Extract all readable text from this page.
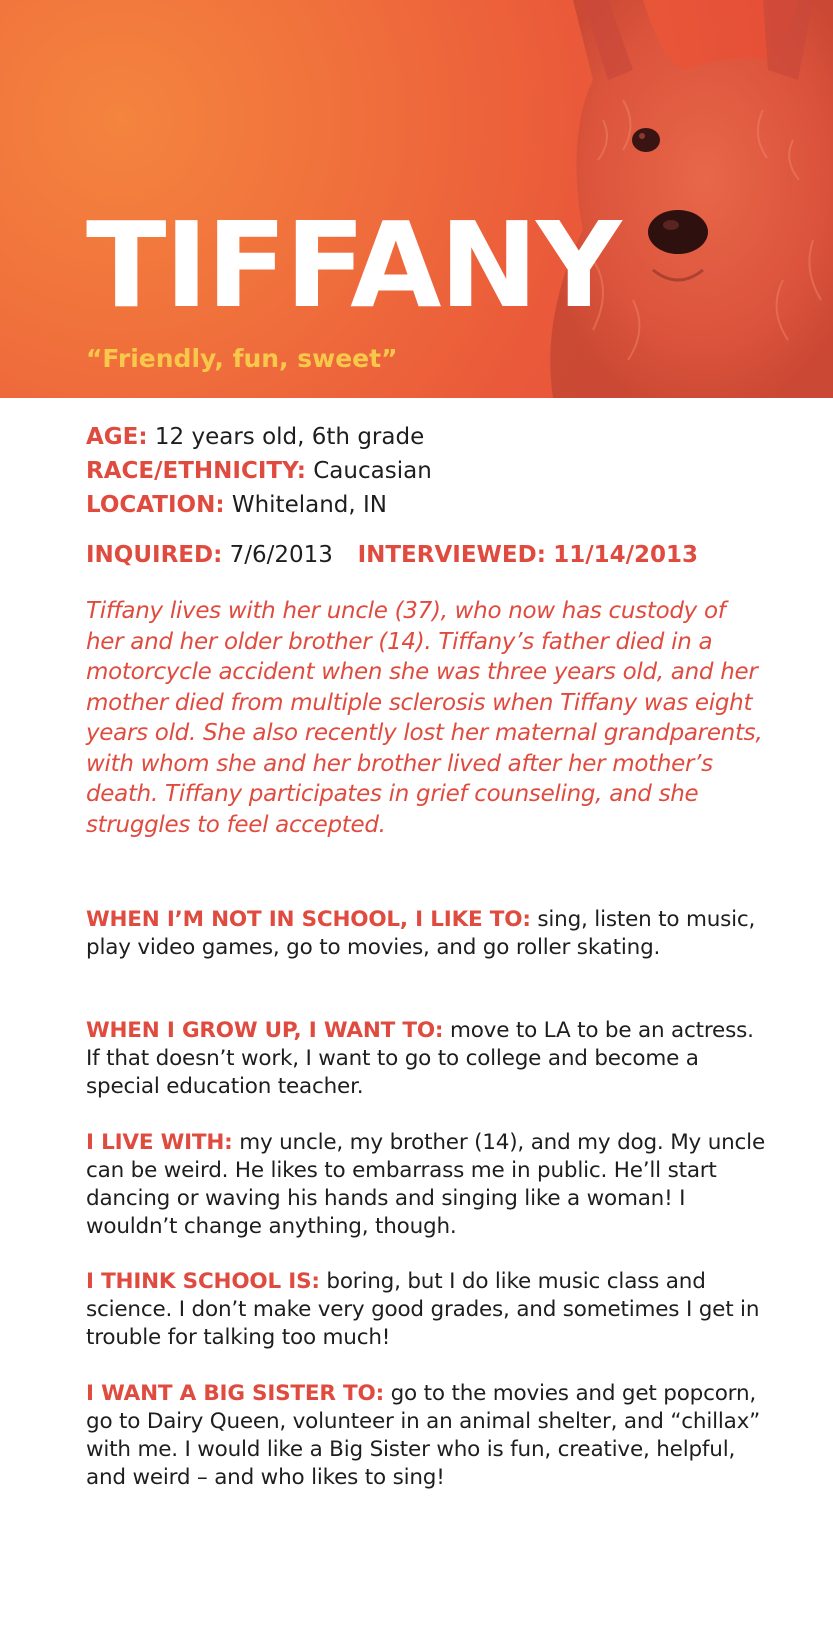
TIFFANY
“Friendly, fun, sweet”
AGE: 12 years old, 6th grade
RACE/ETHNICITY: Caucasian
LOCATION: Whiteland, IN
INQUIRED: 7/6/2013 INTERVIEWED: 11/14/2013
Tiffany lives with her uncle (37), who now has custody of her and her older brother (14). Tiffany’s father died in a motorcycle accident when she was three years old, and her mother died from multiple sclerosis when Tiffany was eight years old. She also recently lost her maternal grandparents, with whom she and her brother lived after her mother’s death. Tiffany participates in grief counseling, and she struggles to feel accepted.
WHEN I’M NOT IN SCHOOL, I LIKE TO: sing, listen to music, play video games, go to movies, and go roller skating.
WHEN I GROW UP, I WANT TO: move to LA to be an actress. If that doesn’t work, I want to go to college and become a special education teacher.
I LIVE WITH: my uncle, my brother (14), and my dog. My uncle can be weird. He likes to embarrass me in public. He’ll start dancing or waving his hands and singing like a woman! I wouldn’t change anything, though.
I THINK SCHOOL IS: boring, but I do like music class and science. I don’t make very good grades, and sometimes I get in trouble for talking too much!
I WANT A BIG SISTER TO: go to the movies and get popcorn, go to Dairy Queen, volunteer in an animal shelter, and “chillax” with me. I would like a Big Sister who is fun, creative, helpful, and weird – and who likes to sing!
